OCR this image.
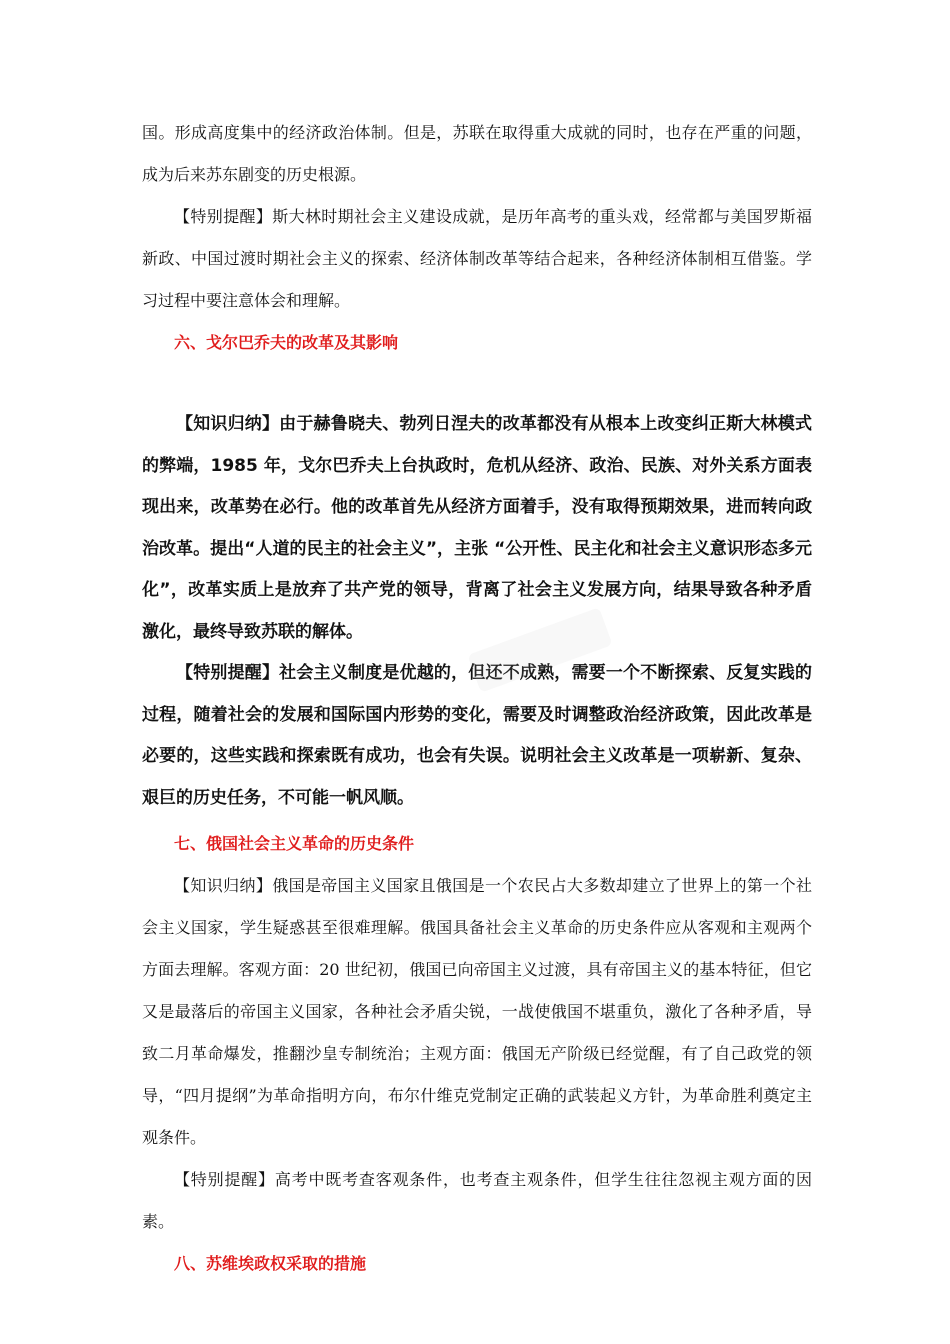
国。形成高度集中的经济政治体制。但是，苏联在取得重大成就的同时，也存在严重的问题，成为后来苏东剧变的历史根源。

【特别提醒】斯大林时期社会主义建设成就，是历年高考的重头戏，经常都与美国罗斯福新政、中国过渡时期社会主义的探索、经济体制改革等结合起来，各种经济体制相互借鉴。学习过程中要注意体会和理解。

六、戈尔巴乔夫的改革及其影响

【知识归纳】由于赫鲁晓夫、勃列日涅夫的改革都没有从根本上改变纠正斯大林模式的弊端，1985 年，戈尔巴乔夫上台执政时，危机从经济、政治、民族、对外关系方面表现出来，改革势在必行。他的改革首先从经济方面着手，没有取得预期效果，进而转向政治改革。提出“人道的民主的社会主义”，主张 “公开性、民主化和社会主义意识形态多元化”，改革实质上是放弃了共产党的领导，背离了社会主义发展方向，结果导致各种矛盾激化，最终导致苏联的解体。

【特别提醒】社会主义制度是优越的，但还不成熟，需要一个不断探索、反复实践的过程，随着社会的发展和国际国内形势的变化，需要及时调整政治经济政策，因此改革是必要的，这些实践和探索既有成功，也会有失误。说明社会主义改革是一项崭新、复杂、艰巨的历史任务，不可能一帆风顺。

七、俄国社会主义革命的历史条件

【知识归纳】俄国是帝国主义国家且俄国是一个农民占大多数却建立了世界上的第一个社会主义国家，学生疑惑甚至很难理解。俄国具备社会主义革命的历史条件应从客观和主观两个方面去理解。客观方面：20 世纪初，俄国已向帝国主义过渡，具有帝国主义的基本特征，但它又是最落后的帝国主义国家，各种社会矛盾尖锐，一战使俄国不堪重负，激化了各种矛盾，导致二月革命爆发，推翻沙皇专制统治；主观方面：俄国无产阶级已经觉醒，有了自己政党的领导，“四月提纲”为革命指明方向，布尔什维克党制定正确的武装起义方针，为革命胜利奠定主观条件。

【特别提醒】高考中既考查客观条件，也考查主观条件，但学生往往忽视主观方面的因素。

八、苏维埃政权采取的措施
